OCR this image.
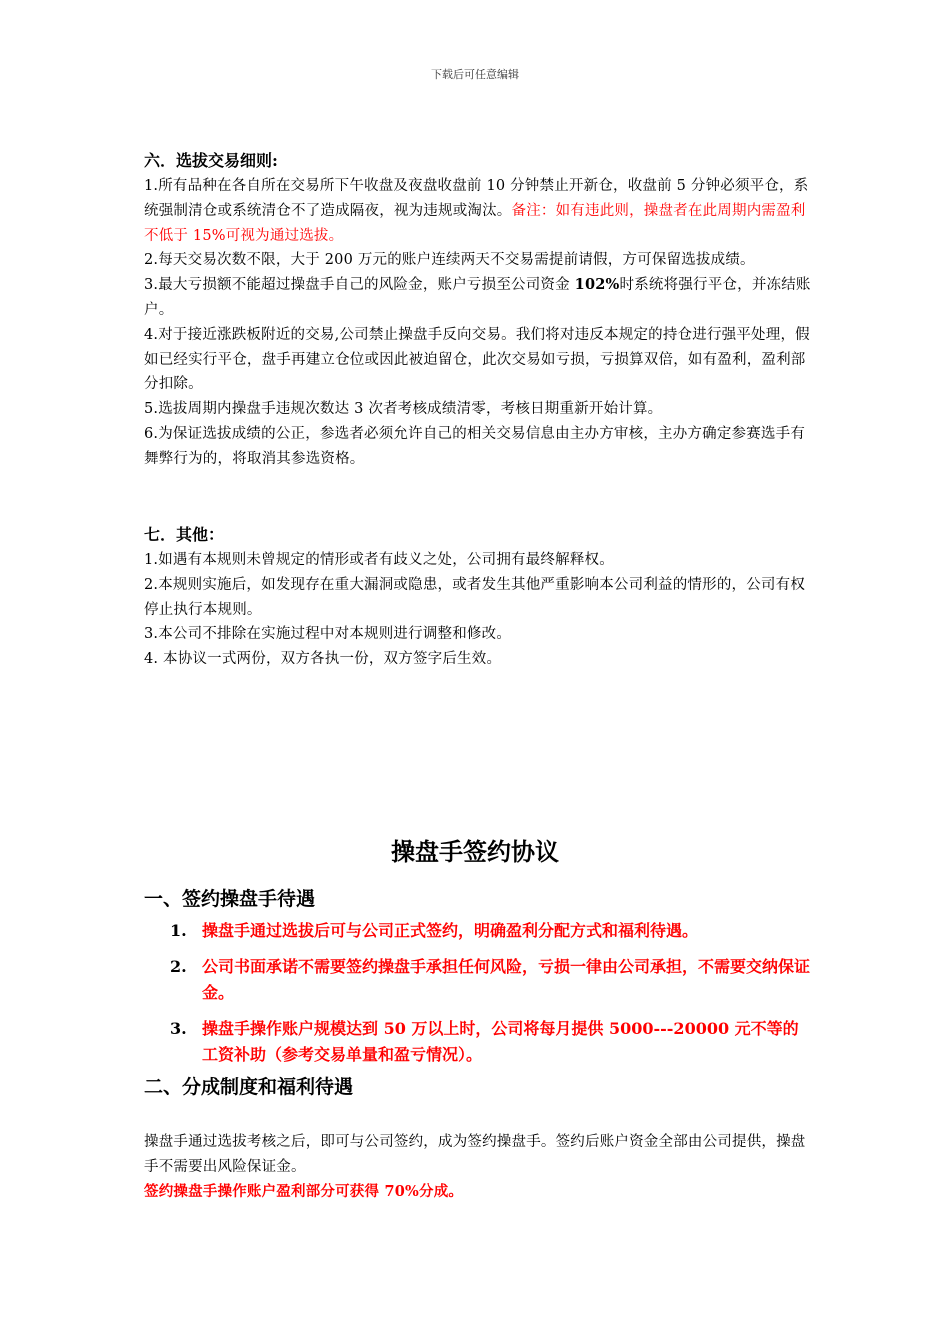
下载后可任意编辑
六．选拔交易细则:
1.所有品种在各自所在交易所下午收盘及夜盘收盘前 10 分钟禁止开新仓，收盘前 5 分钟必须平仓，系统强制清仓或系统清仓不了造成隔夜，视为违规或淘汰。备注：如有违此则，操盘者在此周期内需盈利不低于 15%可视为通过选拔。
2.每天交易次数不限，大于 200 万元的账户连续两天不交易需提前请假，方可保留选拔成绩。
3.最大亏损额不能超过操盘手自己的风险金，账户亏损至公司资金 102%时系统将强行平仓，并冻结账户。
4.对于接近涨跌板附近的交易,公司禁止操盘手反向交易。我们将对违反本规定的持仓进行强平处理，假如已经实行平仓，盘手再建立仓位或因此被迫留仓，此次交易如亏损，亏损算双倍，如有盈利，盈利部分扣除。
5.选拔周期内操盘手违规次数达 3 次者考核成绩清零，考核日期重新开始计算。
6.为保证选拔成绩的公正，参选者必须允许自己的相关交易信息由主办方审核，主办方确定参赛选手有舞弊行为的，将取消其参选资格。
七．其他：
1.如遇有本规则未曾规定的情形或者有歧义之处，公司拥有最终解释权。
2.本规则实施后，如发现存在重大漏洞或隐患，或者发生其他严重影响本公司利益的情形的，公司有权停止执行本规则。
3.本公司不排除在实施过程中对本规则进行调整和修改。
4. 本协议一式两份，双方各执一份，双方签字后生效。
操盘手签约协议
一、签约操盘手待遇
1. 操盘手通过选拔后可与公司正式签约，明确盈利分配方式和福利待遇。
2. 公司书面承诺不需要签约操盘手承担任何风险，亏损一律由公司承担，不需要交纳保证金。
3. 操盘手操作账户规模达到 50 万以上时，公司将每月提供 5000---20000 元不等的工资补助（参考交易单量和盈亏情况）。
二、分成制度和福利待遇
操盘手通过选拔考核之后，即可与公司签约，成为签约操盘手。签约后账户资金全部由公司提供，操盘手不需要出风险保证金。
签约操盘手操作账户盈利部分可获得 70%分成。
